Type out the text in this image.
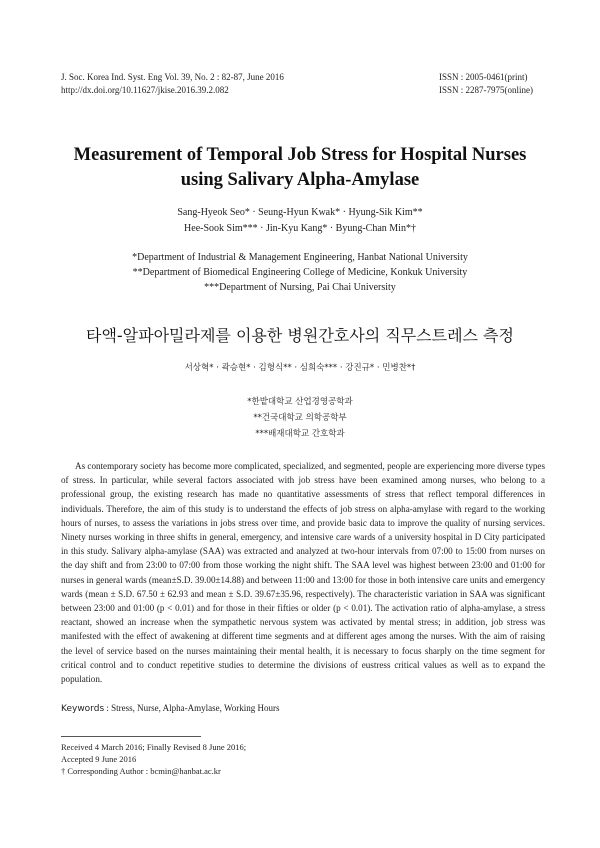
J. Soc. Korea Ind. Syst. Eng Vol. 39, No. 2 : 82-87, June 2016
http://dx.doi.org/10.11627/jkise.2016.39.2.082
ISSN : 2005-0461(print)
ISSN : 2287-7975(online)
Measurement of Temporal Job Stress for Hospital Nurses
using Salivary Alpha-Amylase
Sang-Hyeok Seo* · Seung-Hyun Kwak* · Hyung-Sik Kim**
Hee-Sook Sim*** · Jin-Kyu Kang* · Byung-Chan Min*†
*Department of Industrial & Management Engineering, Hanbat National University
**Department of Biomedical Engineering College of Medicine, Konkuk University
***Department of Nursing, Pai Chai University
타액-알파아밀라제를 이용한 병원간호사의 직무스트레스 측정
서상혁* · 곽승현* · 김형식** · 심희숙*** · 강진규* · 민병찬*†
*한밭대학교 산업경영공학과
**건국대학교 의학공학부
***배재대학교 간호학과

As contemporary society has become more complicated, specialized, and segmented, people are experiencing more diverse types of stress. In particular, while several factors associated with job stress have been examined among nurses, who belong to a professional group, the existing research has made no quantitative assessments of stress that reflect temporal differences in individuals. Therefore, the aim of this study is to understand the effects of job stress on alpha-amylase with regard to the working hours of nurses, to assess the variations in jobs stress over time, and provide basic data to improve the quality of nursing services. Ninety nurses working in three shifts in general, emergency, and intensive care wards of a university hospital in D City participated in this study. Salivary alpha-amylase (SAA) was extracted and analyzed at two-hour intervals from 07:00 to 15:00 from nurses on the day shift and from 23:00 to 07:00 from those working the night shift. The SAA level was highest between 23:00 and 01:00 for nurses in general wards (mean±S.D. 39.00±14.88) and between 11:00 and 13:00 for those in both intensive care units and emergency wards (mean ± S.D. 67.50 ± 62.93 and mean ± S.D. 39.67±35.96, respectively). The characteristic variation in SAA was significant between 23:00 and 01:00 (p < 0.01) and for those in their fifties or older (p < 0.01). The activation ratio of alpha-amylase, a stress reactant, showed an increase when the sympathetic nervous system was activated by mental stress; in addition, job stress was manifested with the effect of awakening at different time segments and at different ages among the nurses. With the aim of raising the level of service based on the nurses maintaining their mental health, it is necessary to focus sharply on the time segment for critical control and to conduct repetitive studies to determine the divisions of eustress critical values as well as to expand the population.

Keywords : Stress, Nurse, Alpha-Amylase, Working Hours
Received 4 March 2016; Finally Revised 8 June 2016;
Accepted 9 June 2016
† Corresponding Author : bcmin@hanbat.ac.kr
